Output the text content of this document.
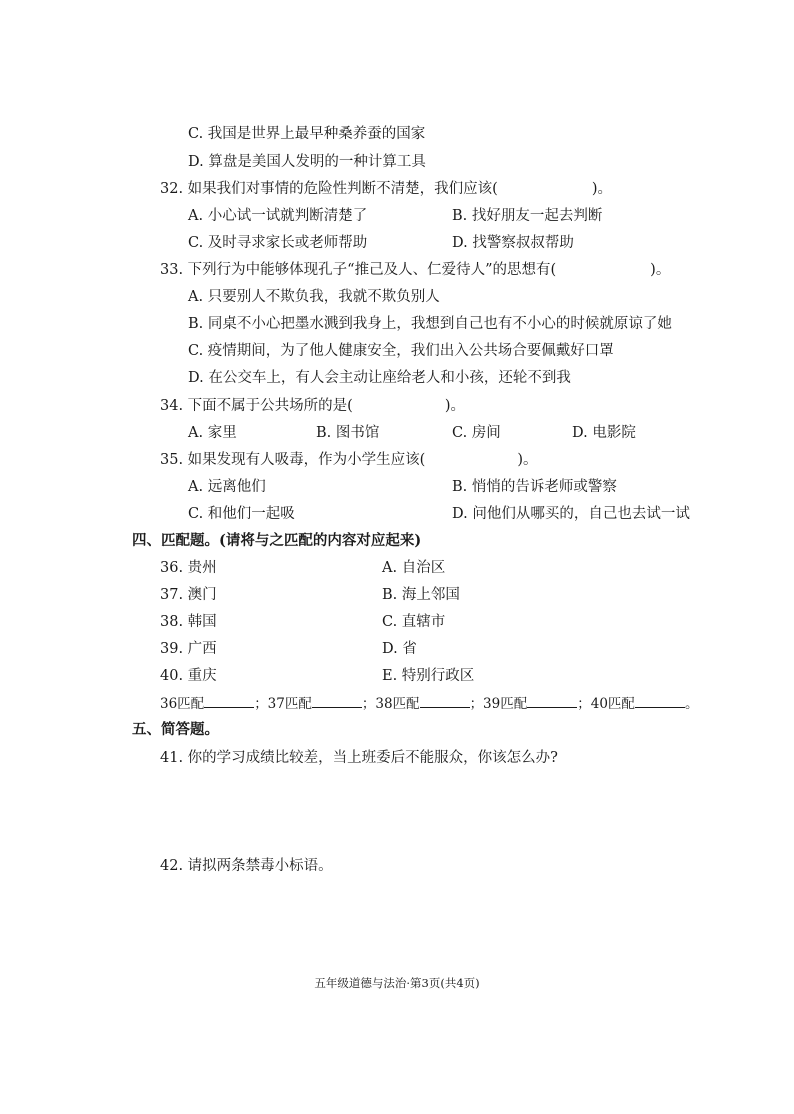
C. 我国是世界上最早种桑养蚕的国家
D. 算盘是美国人发明的一种计算工具
32. 如果我们对事情的危险性判断不清楚，我们应该(	)。
A. 小心试一试就判断清楚了	B. 找好朋友一起去判断
C. 及时寻求家长或老师帮助	D. 找警察叔叔帮助
33. 下列行为中能够体现孔子“推己及人、仁爱待人”的思想有(	)。
A. 只要别人不欺负我，我就不欺负别人
B. 同桌不小心把墨水溅到我身上，我想到自己也有不小心的时候就原谅了她
C. 疫情期间，为了他人健康安全，我们出入公共场合要佩戴好口罩
D. 在公交车上，有人会主动让座给老人和小孩，还轮不到我
34. 下面不属于公共场所的是(	)。
A. 家里	B. 图书馆	C. 房间	D. 电影院
35. 如果发现有人吸毒，作为小学生应该(	)。
A. 远离他们	B. 悄悄的告诉老师或警察
C. 和他们一起吸	D. 问他们从哪买的，自己也去试一试
四、匹配题。(请将与之匹配的内容对应起来)
36. 贵州	A. 自治区
37. 澳门	B. 海上邻国
38. 韩国	C. 直辖市
39. 广西	D. 省
40. 重庆	E. 特别行政区
36匹配	；37匹配	；38匹配	；39匹配	；40匹配	。
五、简答题。
41. 你的学习成绩比较差，当上班委后不能服众，你该怎么办?
42. 请拟两条禁毒小标语。
五年级道德与法治·第3页(共4页)
